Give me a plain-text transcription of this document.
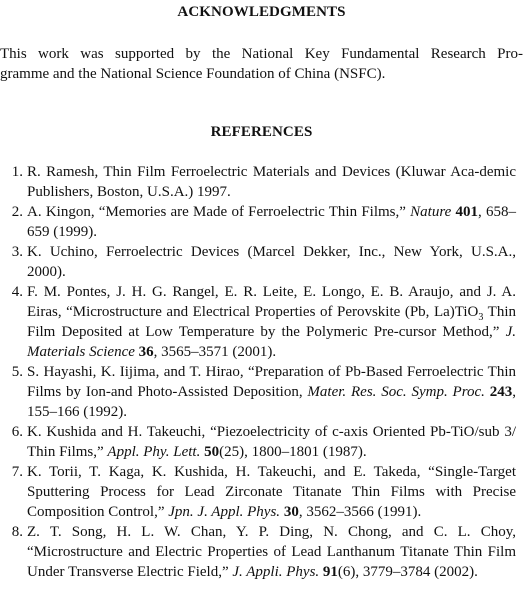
ACKNOWLEDGMENTS
This work was supported by the National Key Fundamental Research Pro-
gramme and the National Science Foundation of China (NSFC).
REFERENCES
1. R. Ramesh, Thin Film Ferroelectric Materials and Devices (Kluwar Aca-demic Publishers, Boston, U.S.A.) 1997.
2. A. Kingon, “Memories are Made of Ferroelectric Thin Films,” Nature 401, 658–659 (1999).
3. K. Uchino, Ferroelectric Devices (Marcel Dekker, Inc., New York, U.S.A., 2000).
4. F. M. Pontes, J. H. G. Rangel, E. R. Leite, E. Longo, E. B. Araujo, and J. A. Eiras, “Microstructure and Electrical Properties of Perovskite (Pb, La)TiO$_3$ Thin Film Deposited at Low Temperature by the Polymeric Pre-cursor Method,” J. Materials Science 36, 3565–3571 (2001).
5. S. Hayashi, K. Iijima, and T. Hirao, “Preparation of Pb-Based Ferroelectric Thin Films by Ion-and Photo-Assisted Deposition, Mater. Res. Soc. Symp. Proc. 243, 155–166 (1992).
6. K. Kushida and H. Takeuchi, “Piezoelectricity of c-axis Oriented Pb-TiO/sub 3/ Thin Films,” Appl. Phy. Lett. 50(25), 1800–1801 (1987).
7. K. Torii, T. Kaga, K. Kushida, H. Takeuchi, and E. Takeda, “Single-Target Sputtering Process for Lead Zirconate Titanate Thin Films with Precise Composition Control,” Jpn. J. Appl. Phys. 30, 3562–3566 (1991).
8. Z. T. Song, H. L. W. Chan, Y. P. Ding, N. Chong, and C. L. Choy, “Microstructure and Electric Properties of Lead Lanthanum Titanate Thin Film Under Transverse Electric Field,” J. Appli. Phys. 91(6), 3779–3784 (2002).
